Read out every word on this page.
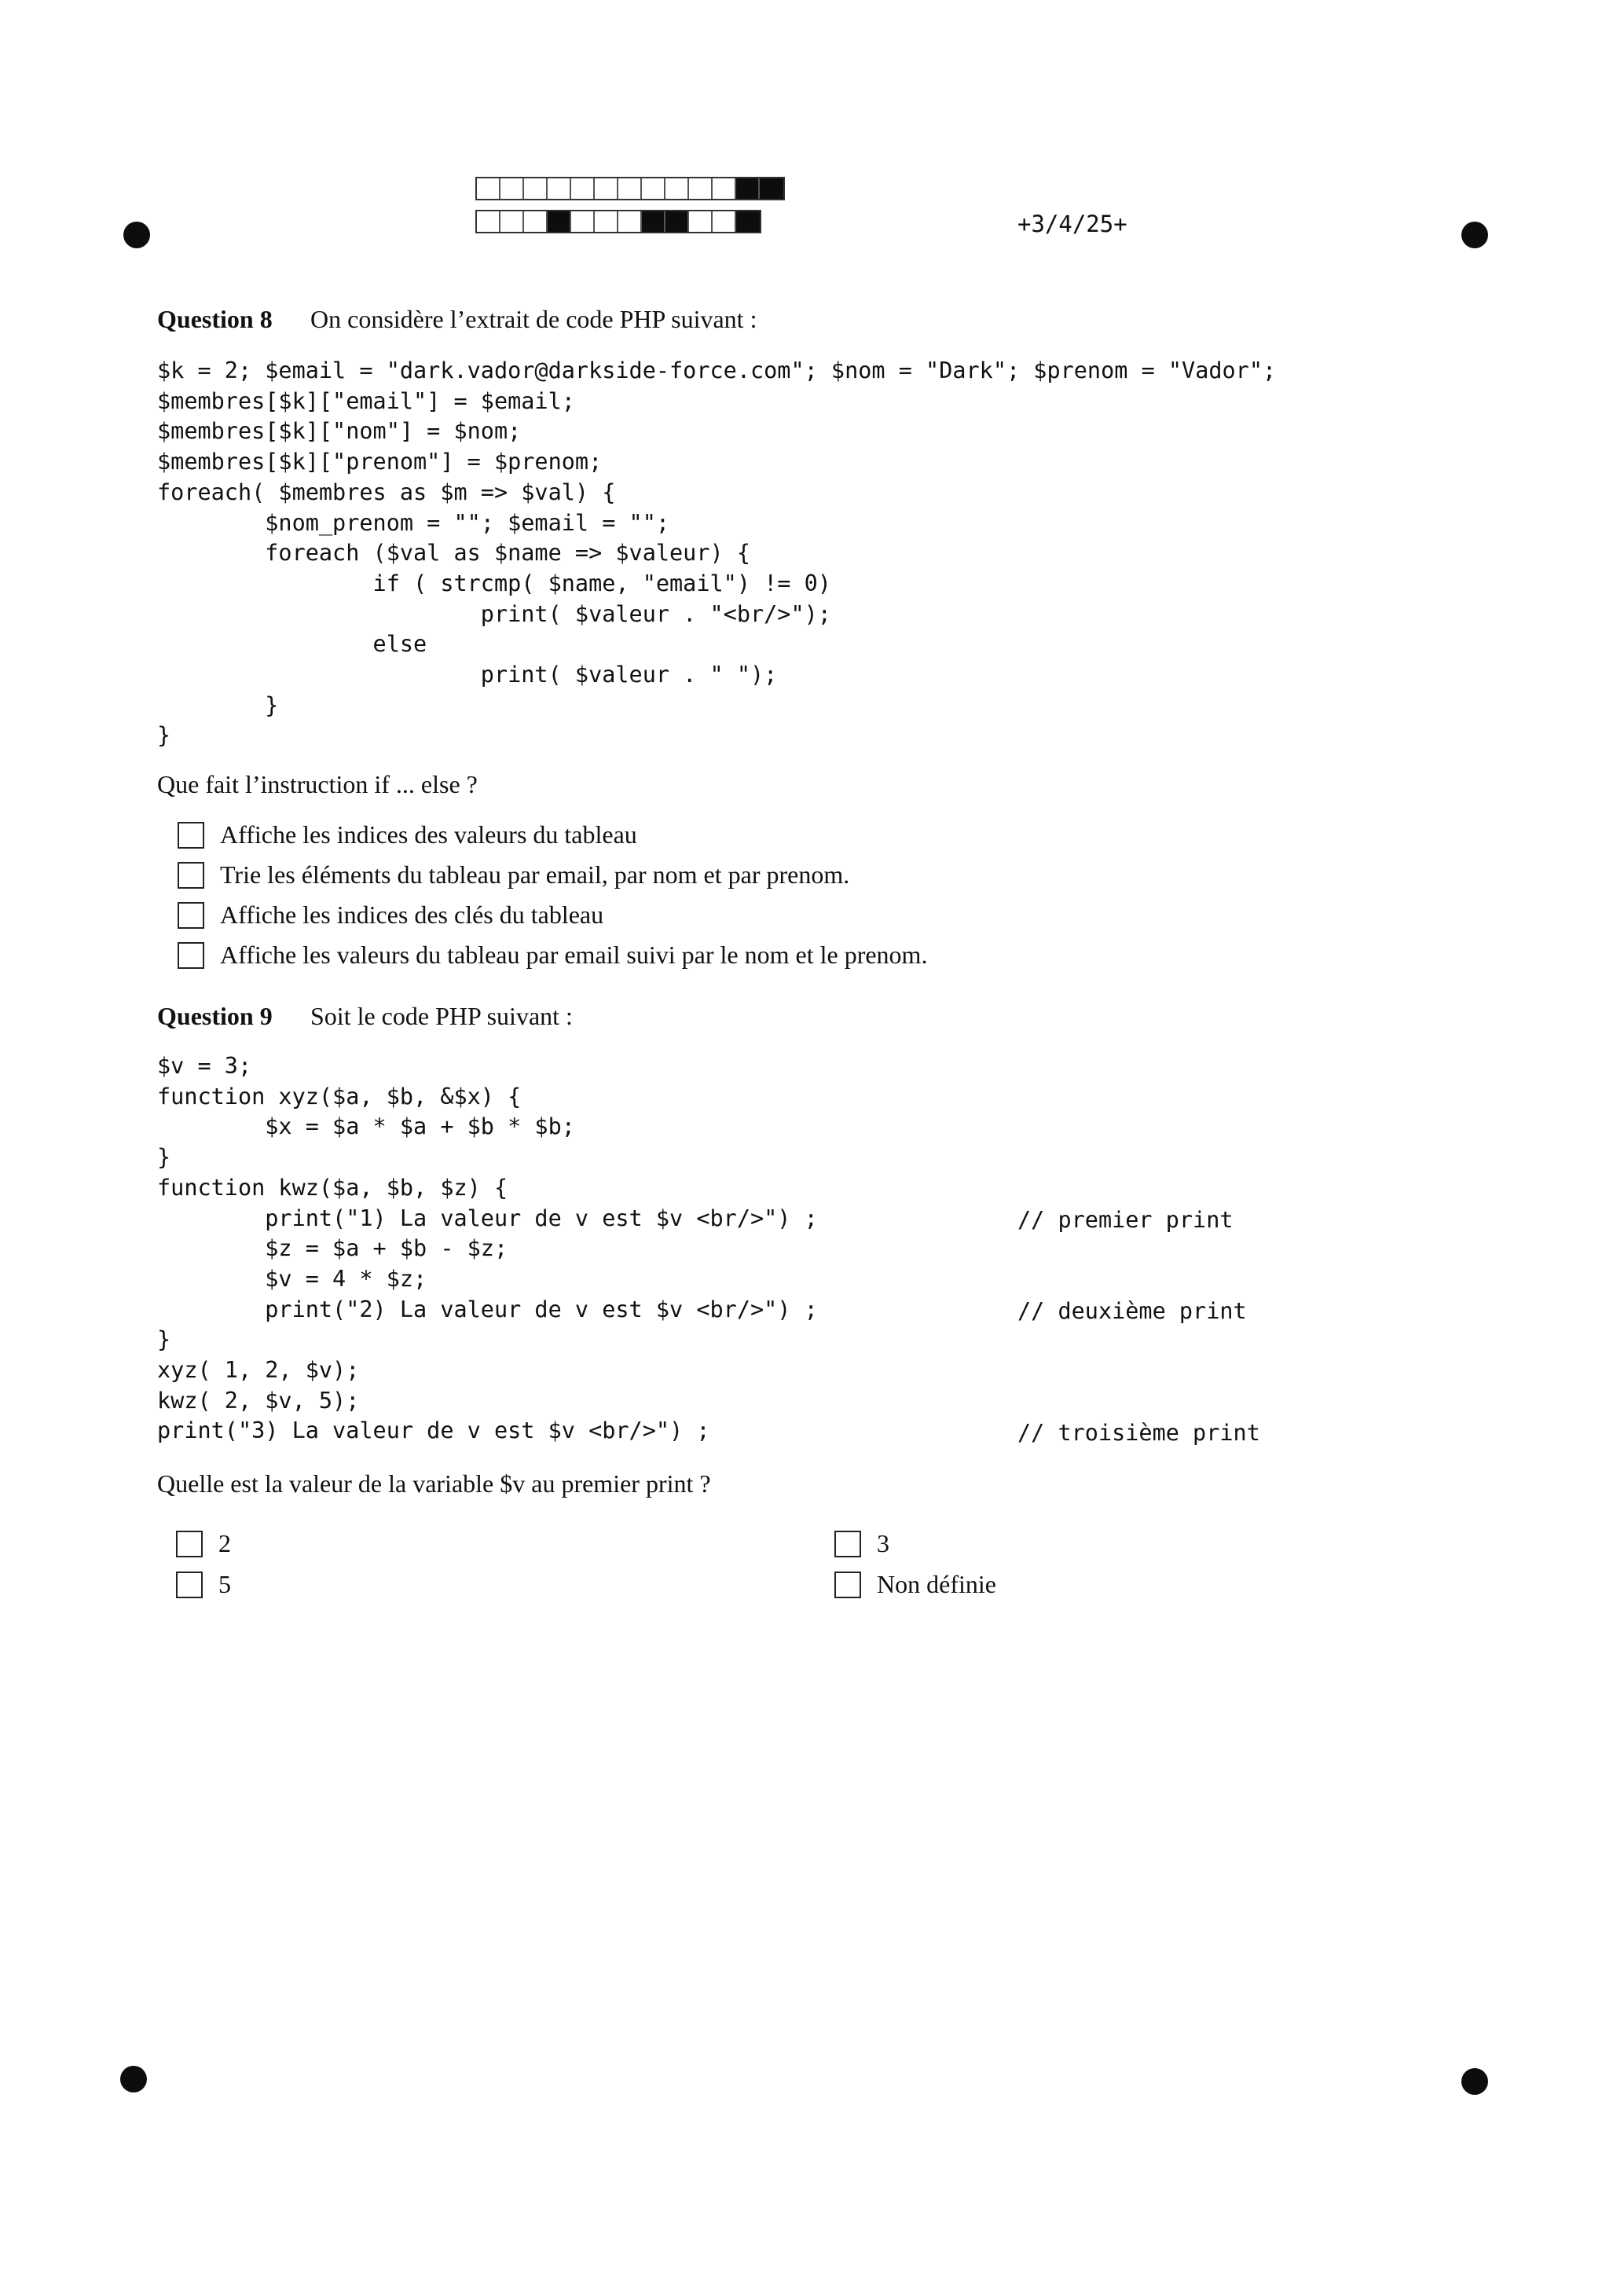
+3/4/25+
Question 8 On considère l’extrait de code PHP suivant :
$k = 2; $email = "dark.vador@darkside-force.com"; $nom = "Dark"; $prenom = "Vador";
$membres[$k]["email"] = $email;
$membres[$k]["nom"] = $nom;
$membres[$k]["prenom"] = $prenom;
foreach( $membres as $m => $val) {
$nom_prenom = ""; $email = "";
foreach ($val as $name => $valeur) {
if ( strcmp( $name, "email") != 0)
print( $valeur . "<br/>");
else
print( $valeur . " ");
}
}
Que fait l’instruction if ... else ?
Affiche les indices des valeurs du tableau
Trie les éléments du tableau par email, par nom et par prenom.
Affiche les indices des clés du tableau
Affiche les valeurs du tableau par email suivi par le nom et le prenom.
Question 9 Soit le code PHP suivant :
$v = 3;
function xyz($a, $b, &$x) {
$x = $a * $a + $b * $b;
}
function kwz($a, $b, $z) {
print("1) La valeur de v est $v <br/>") ;
$z = $a + $b - $z;
$v = 4 * $z;
print("2) La valeur de v est $v <br/>") ;
}
xyz( 1, 2, $v);
kwz( 2, $v, 5);
print("3) La valeur de v est $v <br/>") ;
// premier print
// deuxième print
// troisième print
Quelle est la valeur de la variable $v au premier print ?
2	3
5	Non définie
